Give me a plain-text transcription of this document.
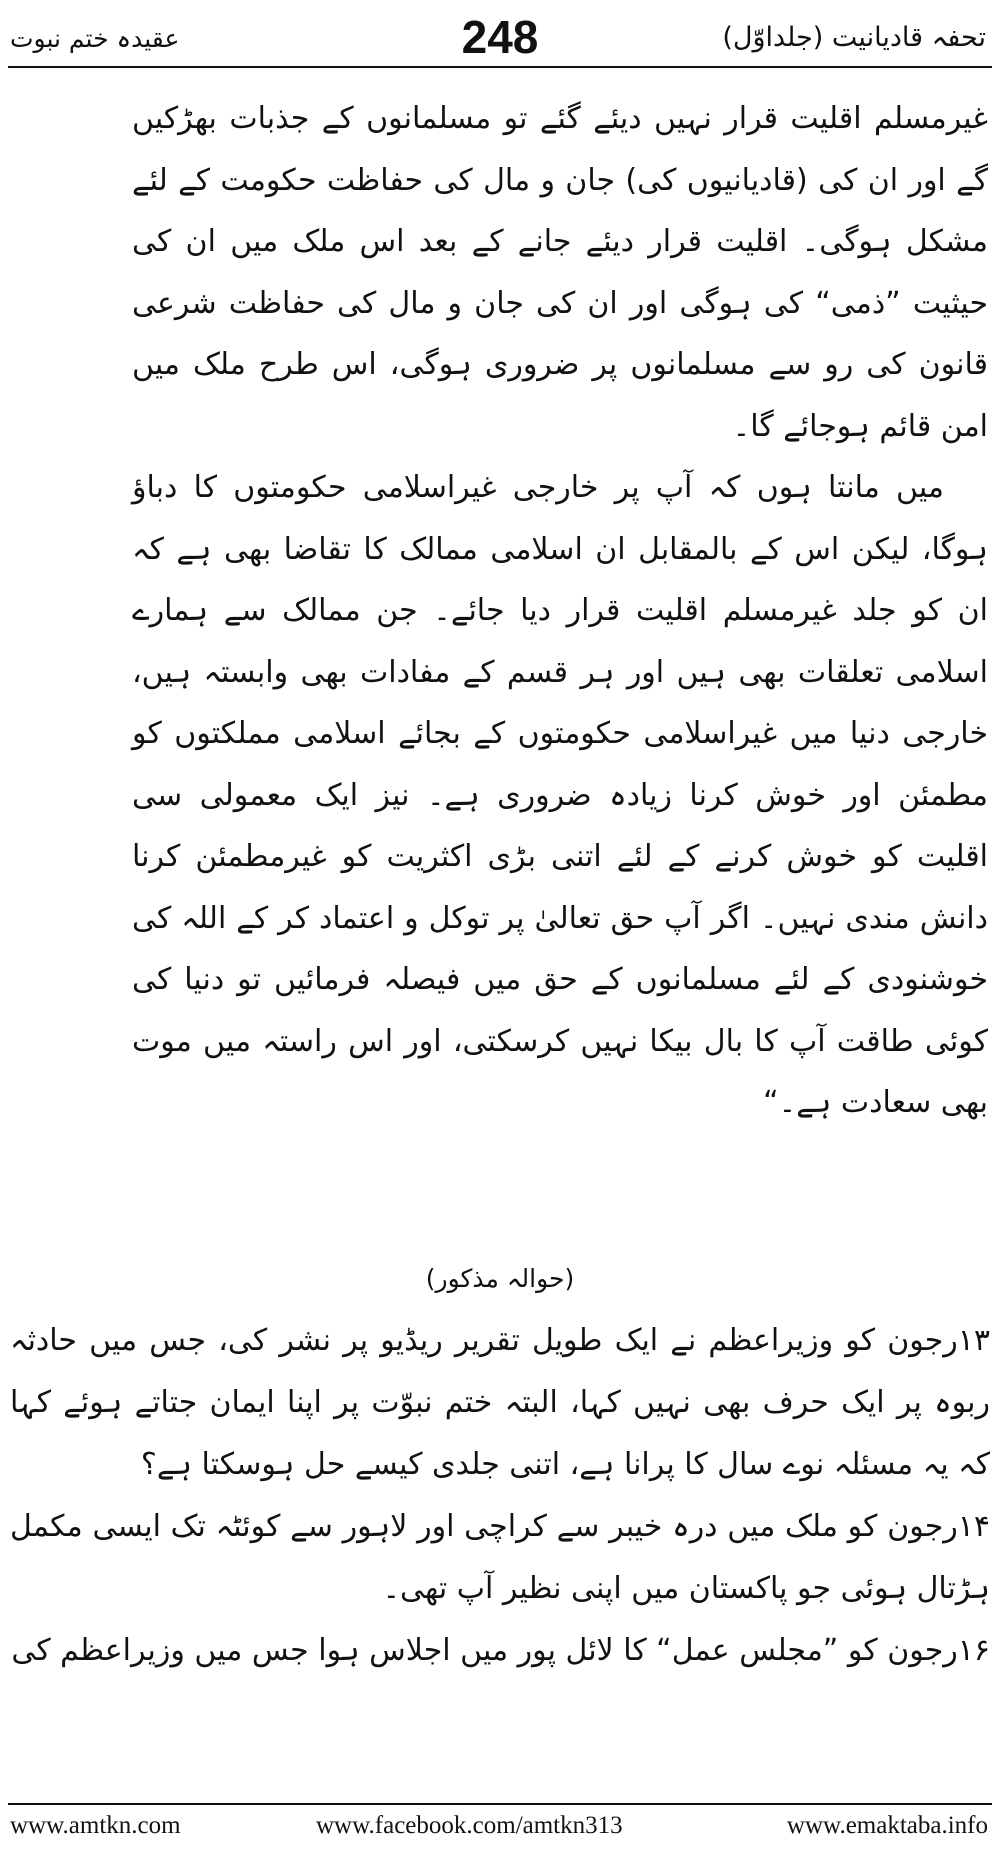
تحفہ قادیانیت (جلداوّل)
248
عقیدہ ختم نبوت

غیرمسلم اقلیت قرار نہیں دیئے گئے تو مسلمانوں کے جذبات بھڑکیں گے اور ان کی (قادیانیوں کی) جان و مال کی حفاظت حکومت کے لئے مشکل ہوگی۔ اقلیت قرار دیئے جانے کے بعد اس ملک میں ان کی حیثیت ”ذمی“ کی ہوگی اور ان کی جان و مال کی حفاظت شرعی قانون کی رو سے مسلمانوں پر ضروری ہوگی، اس طرح ملک میں امن قائم ہوجائے گا۔

میں مانتا ہوں کہ آپ پر خارجی غیراسلامی حکومتوں کا دباؤ ہوگا، لیکن اس کے بالمقابل ان اسلامی ممالک کا تقاضا بھی ہے کہ ان کو جلد غیرمسلم اقلیت قرار دیا جائے۔ جن ممالک سے ہمارے اسلامی تعلقات بھی ہیں اور ہر قسم کے مفادات بھی وابستہ ہیں، خارجی دنیا میں غیراسلامی حکومتوں کے بجائے اسلامی مملکتوں کو مطمئن اور خوش کرنا زیادہ ضروری ہے۔ نیز ایک معمولی سی اقلیت کو خوش کرنے کے لئے اتنی بڑی اکثریت کو غیرمطمئن کرنا دانش مندی نہیں۔ اگر آپ حق تعالیٰ پر توکل و اعتماد کر کے اللہ کی خوشنودی کے لئے مسلمانوں کے حق میں فیصلہ فرمائیں تو دنیا کی کوئی طاقت آپ کا بال بیکا نہیں کرسکتی، اور اس راستہ میں موت بھی سعادت ہے۔“

(حوالہ مذکور)

۱۳رجون کو وزیراعظم نے ایک طویل تقریر ریڈیو پر نشر کی، جس میں حادثہ ربوہ پر ایک حرف بھی نہیں کہا، البتہ ختم نبوّت پر اپنا ایمان جتاتے ہوئے کہا کہ یہ مسئلہ نوے سال کا پرانا ہے، اتنی جلدی کیسے حل ہوسکتا ہے؟

۱۴رجون کو ملک میں درہ خیبر سے کراچی اور لاہور سے کوئٹہ تک ایسی مکمل ہڑتال ہوئی جو پاکستان میں اپنی نظیر آپ تھی۔

۱۶رجون کو ”مجلس عمل“ کا لائل پور میں اجلاس ہوا جس میں وزیراعظم کی

www.amtkn.com	www.facebook.com/amtkn313	www.emaktaba.info
